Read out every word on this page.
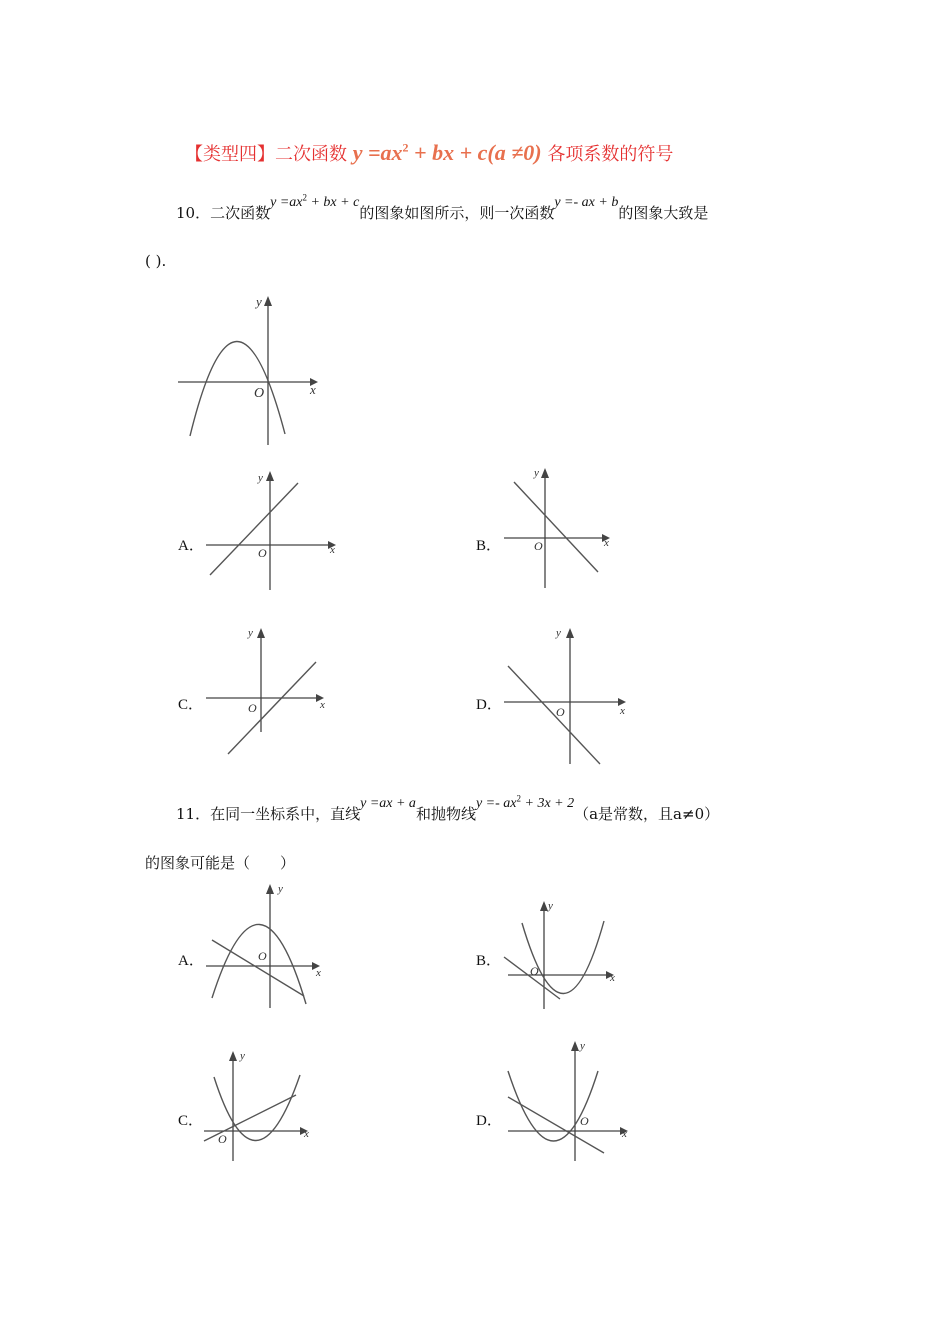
【类型四】二次函数 $y =ax^2$ + bx + c(a ≠0) 各项系数的符号
10．二次函数$y =ax^2$ + bx + c的图象如图所示，则一次函数y =- ax + b的图象大致是
( ).
x
y
O
A．	x
y
O	B．	x
y
O
C．	x
y
O	D．	x
y
O
11．在同一坐标系中，直线y =ax + a和抛物线$y =- ax^2 + 3x + 2(a$是常数，且a≠0）
的图象可能是（　　）
A．
x
y
O	B．
x
y
O
C．
x
y
O
D．
x
y
O
